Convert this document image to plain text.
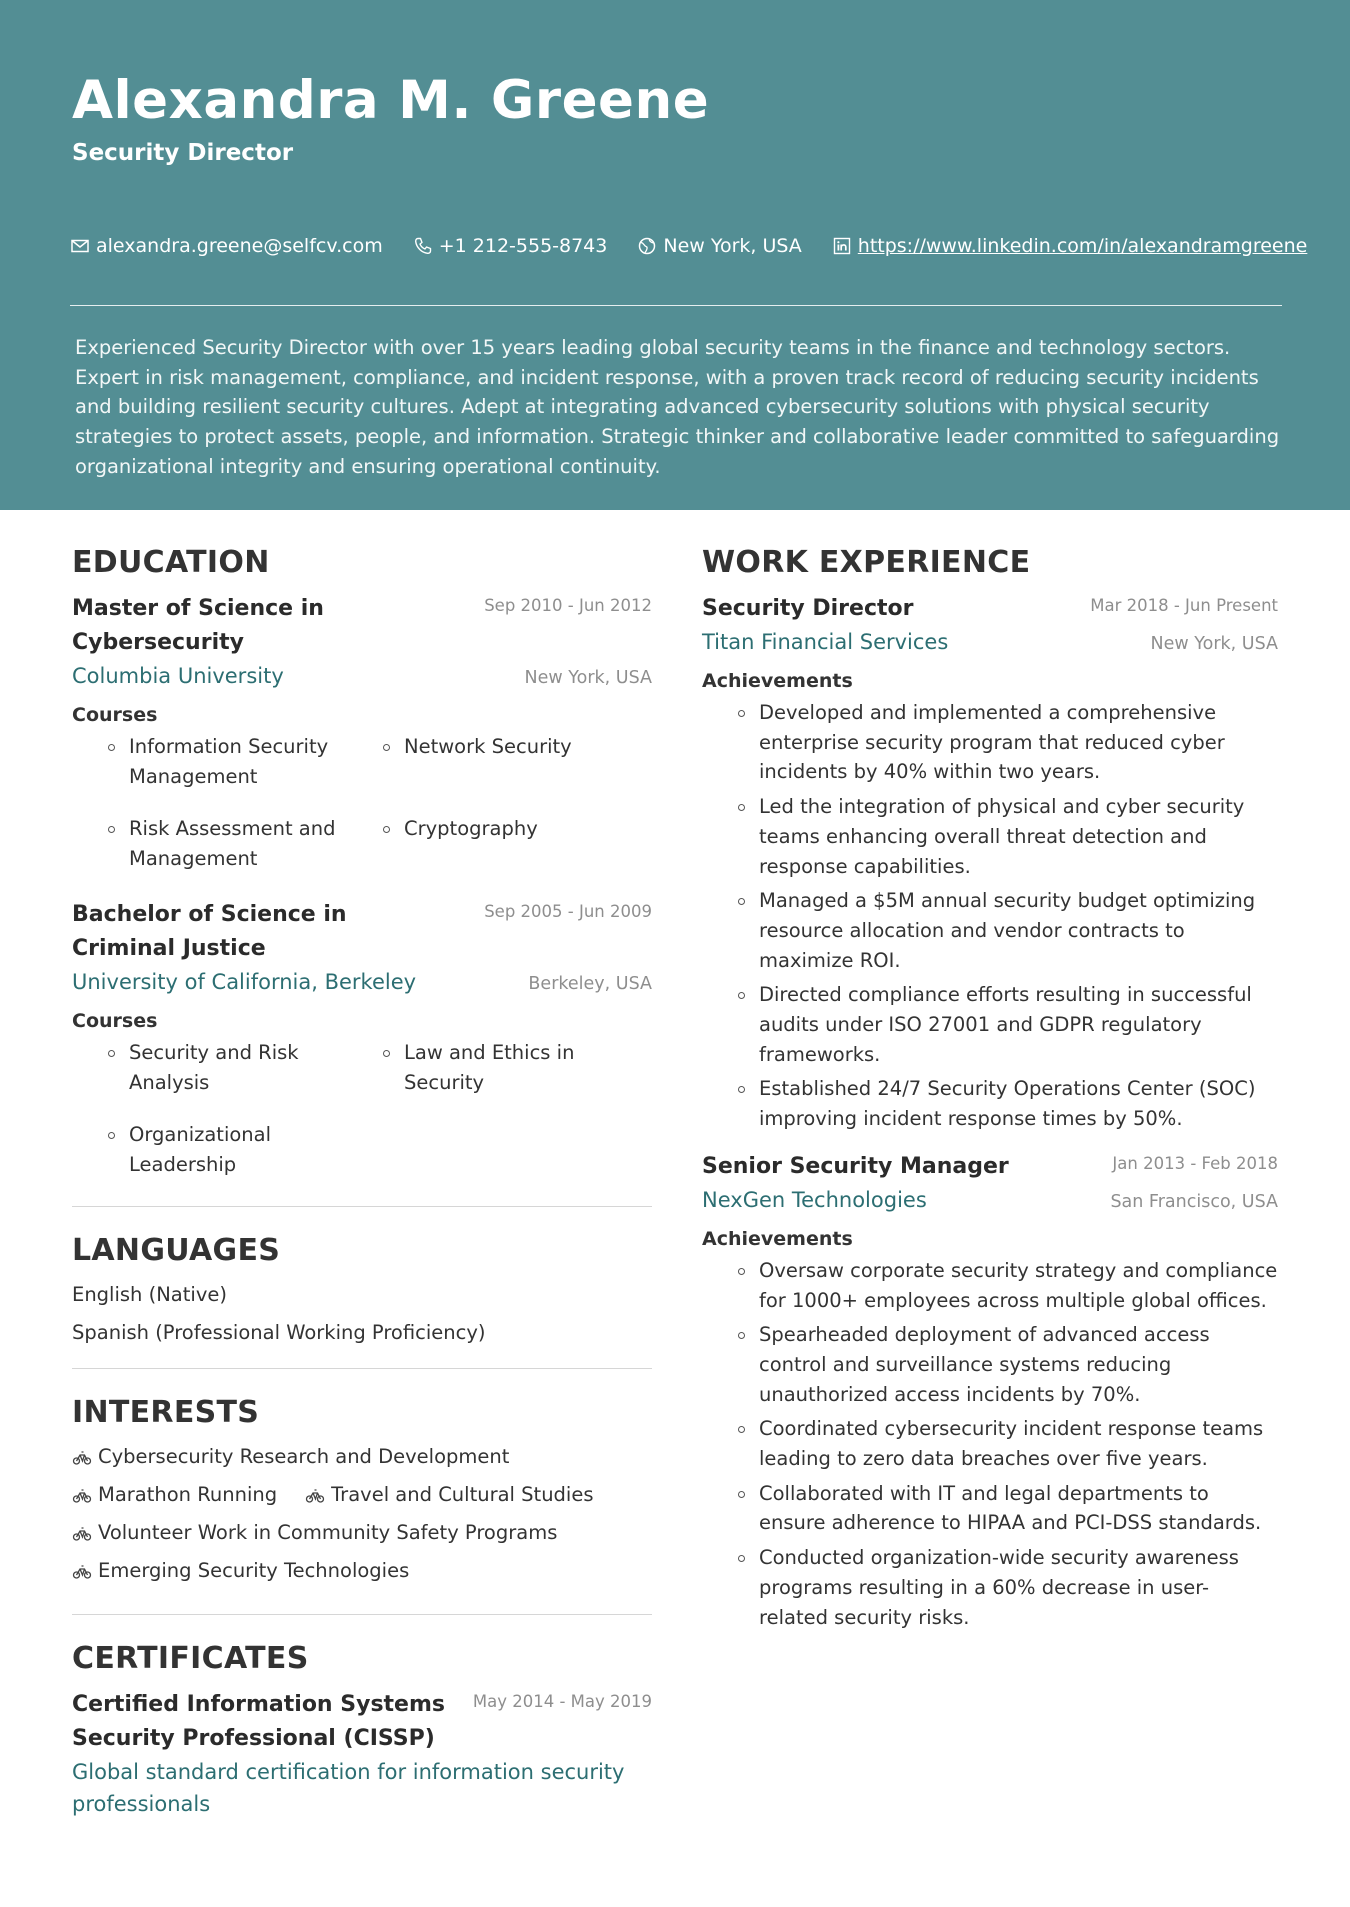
Alexandra M. Greene
Security Director
alexandra.greene@selfcv.com	+1 212-555-8743	New York, USA	https://www.linkedin.com/in/alexandramgreene
Experienced Security Director with over 15 years leading global security teams in the finance and technology sectors. Expert in risk management, compliance, and incident response, with a proven track record of reducing security incidents and building resilient security cultures. Adept at integrating advanced cybersecurity solutions with physical security strategies to protect assets, people, and information. Strategic thinker and collaborative leader committed to safeguarding organizational integrity and ensuring operational continuity.
EDUCATION
Master of Science in Cybersecurity
Sep 2010 - Jun 2012
Columbia University	New York, USA
Courses
Information Security Management
Network Security
Risk Assessment and Management
Cryptography
Bachelor of Science in Criminal Justice
Sep 2005 - Jun 2009
University of California, Berkeley	Berkeley, USA
Courses
Security and Risk Analysis
Law and Ethics in Security
Organizational Leadership
LANGUAGES
English (Native)
Spanish (Professional Working Proficiency)
INTERESTS
Cybersecurity Research and Development
Marathon Running	Travel and Cultural Studies
Volunteer Work in Community Safety Programs
Emerging Security Technologies
CERTIFICATES
Certified Information Systems Security Professional (CISSP)
May 2014 - May 2019
Global standard certification for information security professionals
WORK EXPERIENCE
Security Director	Mar 2018 - Jun Present
Titan Financial Services	New York, USA
Achievements
Developed and implemented a comprehensive enterprise security program that reduced cyber incidents by 40% within two years.
Led the integration of physical and cyber security teams enhancing overall threat detection and response capabilities.
Managed a $5M annual security budget optimizing resource allocation and vendor contracts to maximize ROI.
Directed compliance efforts resulting in successful audits under ISO 27001 and GDPR regulatory frameworks.
Established 24/7 Security Operations Center (SOC) improving incident response times by 50%.
Senior Security Manager	Jan 2013 - Feb 2018
NexGen Technologies	San Francisco, USA
Achievements
Oversaw corporate security strategy and compliance for 1000+ employees across multiple global offices.
Spearheaded deployment of advanced access control and surveillance systems reducing unauthorized access incidents by 70%.
Coordinated cybersecurity incident response teams leading to zero data breaches over five years.
Collaborated with IT and legal departments to ensure adherence to HIPAA and PCI-DSS standards.
Conducted organization-wide security awareness programs resulting in a 60% decrease in user-related security risks.
